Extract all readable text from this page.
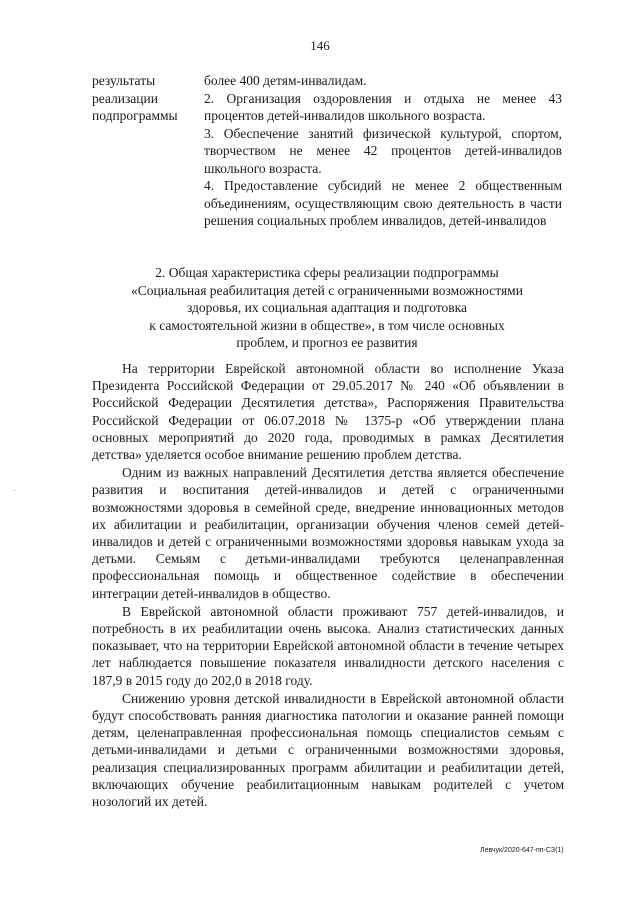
146
результаты
реализации
подпрограммы

более 400 детям-инвалидам.

2. Организация оздоровления и отдыха не менее 43 процентов детей-инвалидов школьного возраста.

3. Обеспечение занятий физической культурой, спортом, творчеством не менее 42 процентов детей-инвалидов школьного возраста.

4. Предоставление субсидий не менее 2 общественным объединениям, осуществляющим свою деятельность в части решения социальных проблем инвалидов, детей-инвалидов

2. Общая характеристика сферы реализации подпрограммы
«Социальная реабилитация детей с ограниченными возможностями
здоровья, их социальная адаптация и подготовка
к самостоятельной жизни в обществе», в том числе основных
проблем, и прогноз ее развития

На территории Еврейской автономной области во исполнение Указа Президента Российской Федерации от 29.05.2017 № 240 «Об объявлении в Российской Федерации Десятилетия детства», Распоряжения Правительства Российской Федерации от 06.07.2018 № 1375-р «Об утверждении плана основных мероприятий до 2020 года, проводимых в рамках Десятилетия детства» уделяется особое внимание решению проблем детства.

Одним из важных направлений Десятилетия детства является обеспечение развития и воспитания детей-инвалидов и детей с ограниченными возможностями здоровья в семейной среде, внедрение инновационных методов их абилитации и реабилитации, организации обучения членов семей детей-инвалидов и детей с ограниченными возможностями здоровья навыкам ухода за детьми. Семьям с детьми-инвалидами требуются целенаправленная профессиональная помощь и общественное содействие в обеспечении интеграции детей-инвалидов в общество.

В Еврейской автономной области проживают 757 детей-инвалидов, и потребность в их реабилитации очень высока. Анализ статистических данных показывает, что на территории Еврейской автономной области в течение четырех лет наблюдается повышение показателя инвалидности детского населения с 187,9 в 2015 году до 202,0 в 2018 году.

Снижению уровня детской инвалидности в Еврейской автономной области будут способствовать ранняя диагностика патологии и оказание ранней помощи детям, целенаправленная профессиональная помощь специалистов семьям с детьми-инвалидами и детьми с ограниченными возможностями здоровья, реализация специализированных программ абилитации и реабилитации детей, включающих обучение реабилитационным навыкам родителей с учетом нозологий их детей.

Левчук/2020-647-пп-СЗ(1)
